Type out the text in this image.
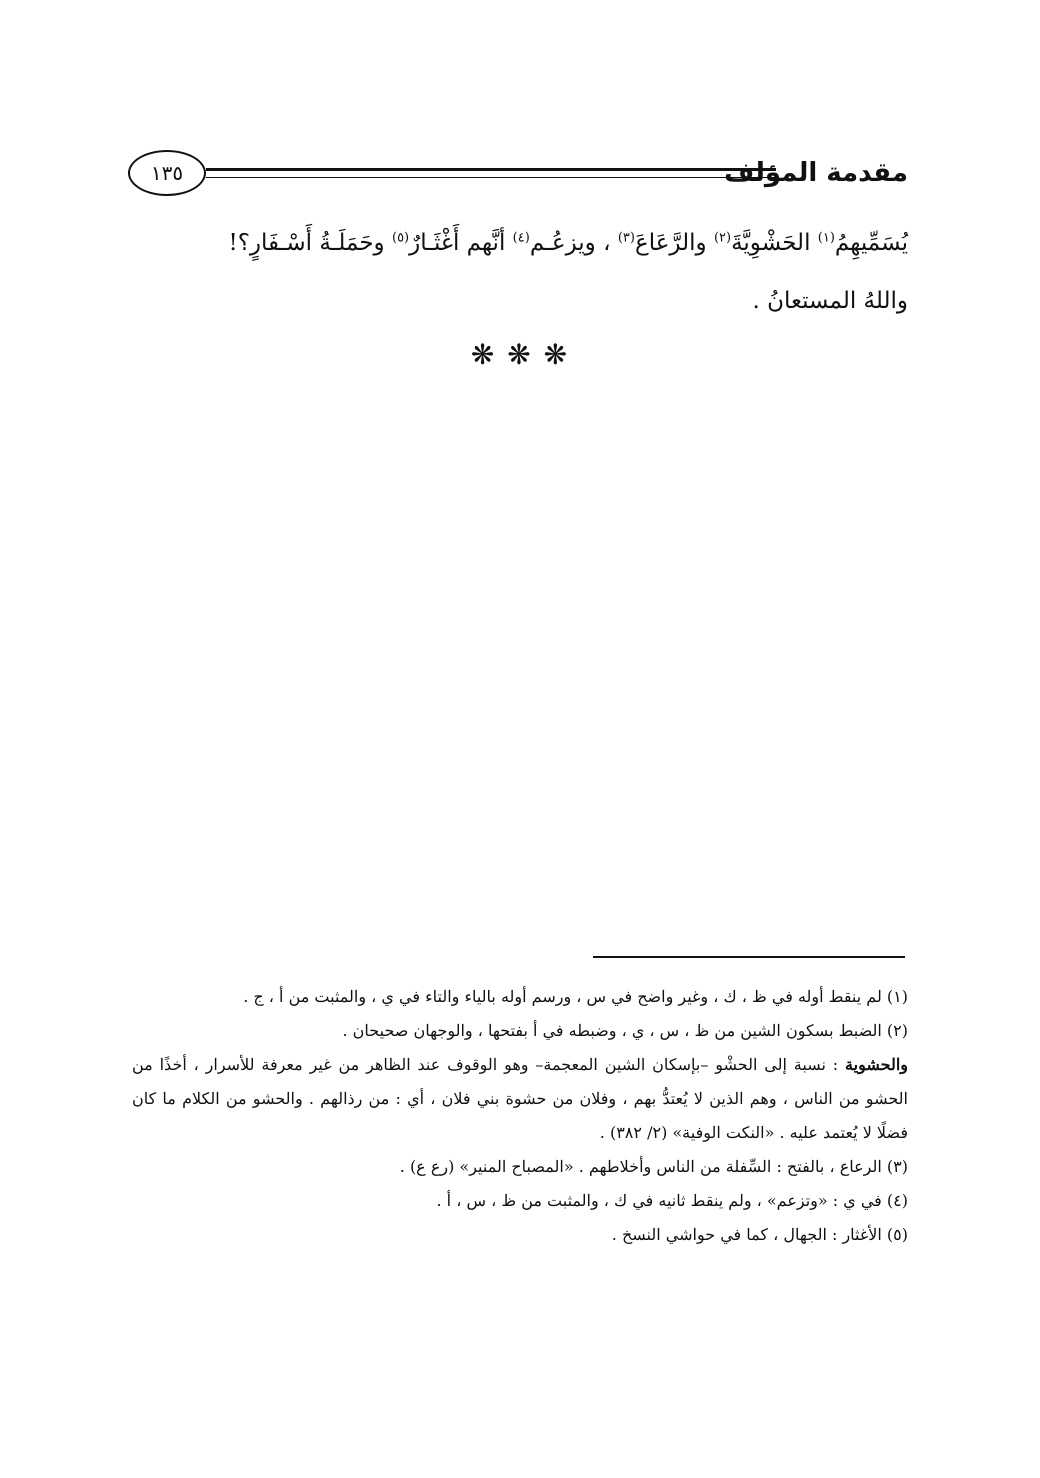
مقدمة المؤلف
١٣٥

يُسَمِّيهِمُ$^{(١)}$ الحَشْوِيَّةَ$^{(٢)}$ والرَّعَاعَ$^{(٣)}$ ، ويزعُـم$^{(٤)}$ أنَّهم أَغْثَـارٌ$^{(٥)}$ وحَمَلَـةُ أَسْـفَارٍ؟!

واللهُ المستعانُ .

❋ ❋ ❋

(١) لم ينقط أوله في ظ ، ك ، وغير واضح في س ، ورسم أوله بالياء والتاء في ي ، والمثبت من أ ، ج .

(٢) الضبط بسكون الشين من ظ ، س ، ي ، وضبطه في أ بفتحها ، والوجهان صحيحان .

والحشوية : نسبة إلى الحشْو –بإسكان الشين المعجمة– وهو الوقوف عند الظاهر من غير معرفة للأسرار ، أخذًا من الحشو من الناس ، وهم الذين لا يُعتدُّ بهم ، وفلان من حشوة بني فلان ، أي : من رذالهم . والحشو من الكلام ما كان فضلًا لا يُعتمد عليه . «النكت الوفية» (٢/ ٣٨٢) .

(٣) الرعاع ، بالفتح : السِّفلة من الناس وأخلاطهم . «المصباح المنير» (رع ع) .

(٤) في ي : «وتزعم» ، ولم ينقط ثانيه في ك ، والمثبت من ظ ، س ، أ .

(٥) الأغثار : الجهال ، كما في حواشي النسخ .
